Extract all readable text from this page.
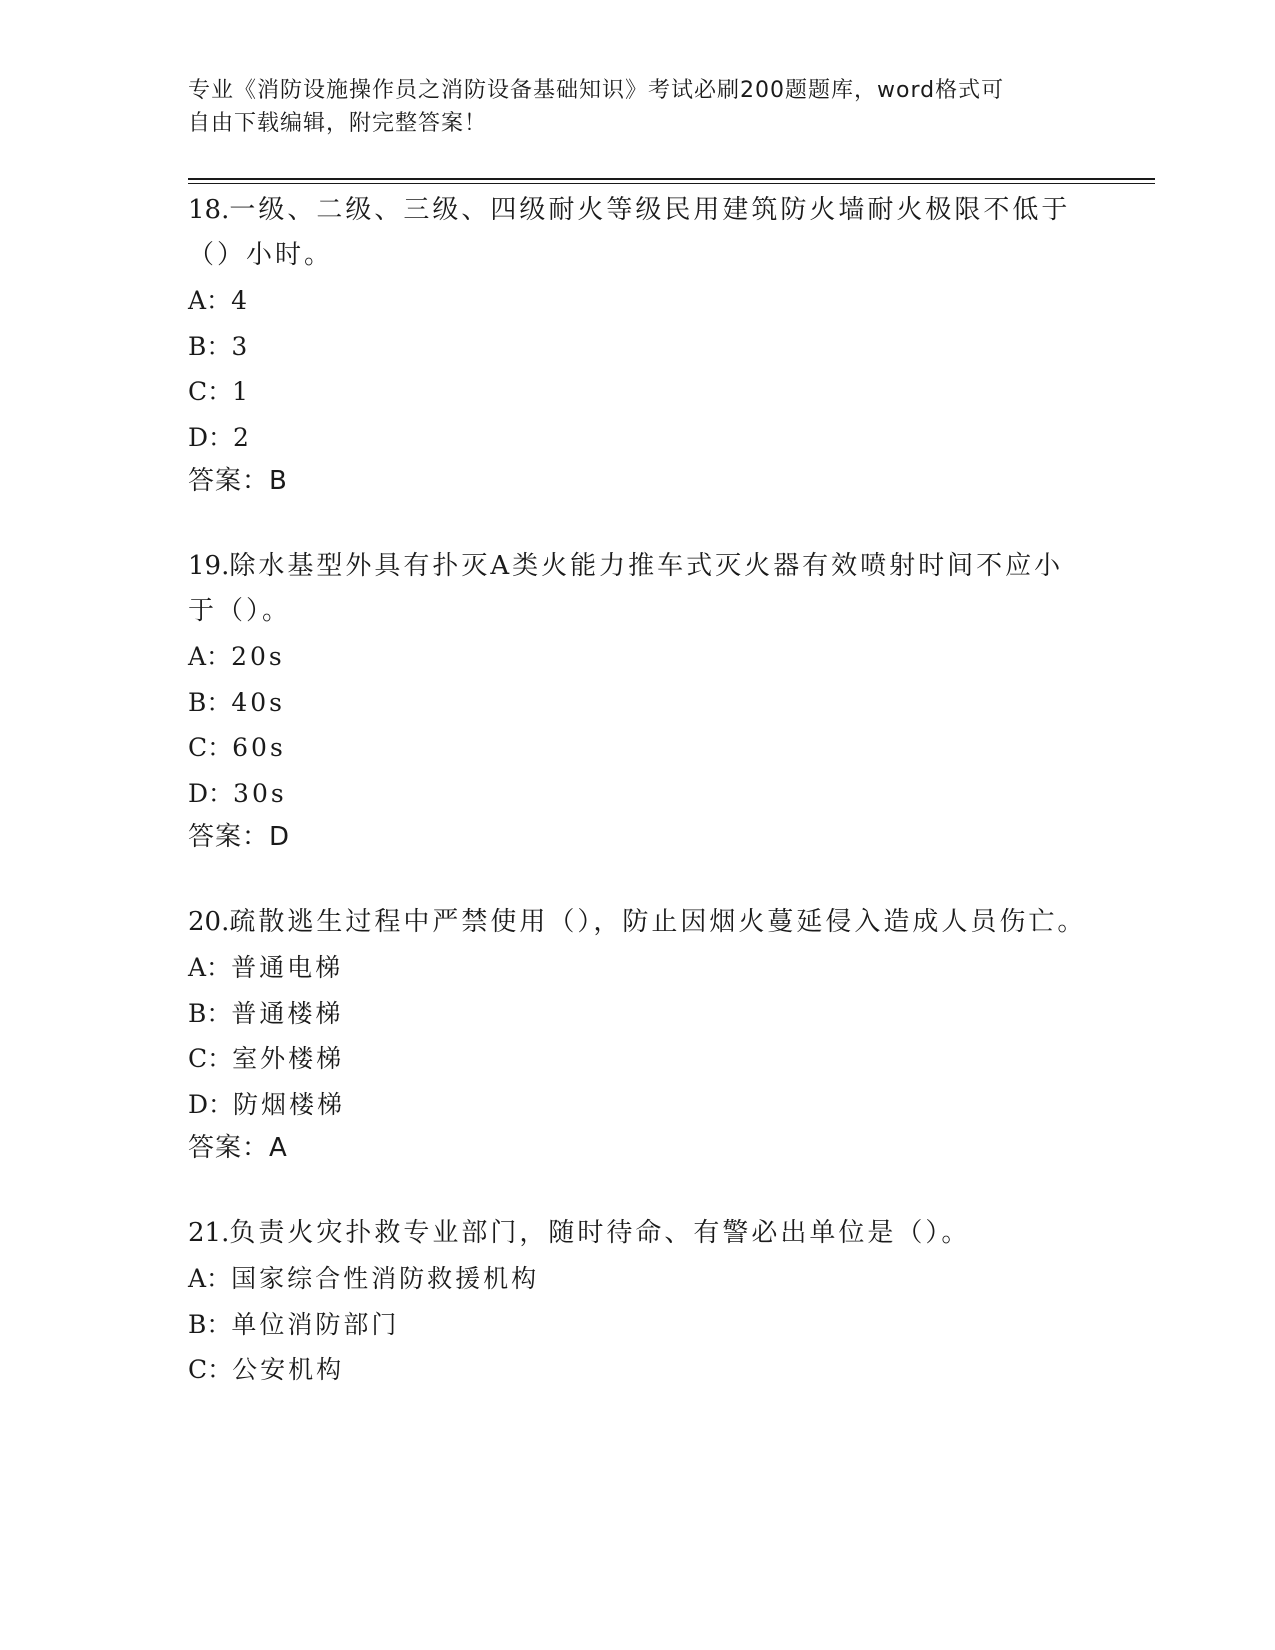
专业《消防设施操作员之消防设备基础知识》考试必刷200题题库，word格式可
自由下载编辑，附完整答案！

18.一级、二级、三级、四级耐火等级民用建筑防火墙耐火极限不低于（）小时。

A：4

B：3

C：1

D：2

答案：B

19.除水基型外具有扑灭A类火能力推车式灭火器有效喷射时间不应小于（）。

A：20s

B：40s

C：60s

D：30s

答案：D

20.疏散逃生过程中严禁使用（），防止因烟火蔓延侵入造成人员伤亡。

A：普通电梯

B：普通楼梯

C：室外楼梯

D：防烟楼梯

答案：A

21.负责火灾扑救专业部门，随时待命、有警必出单位是（）。

A：国家综合性消防救援机构

B：单位消防部门

C：公安机构
